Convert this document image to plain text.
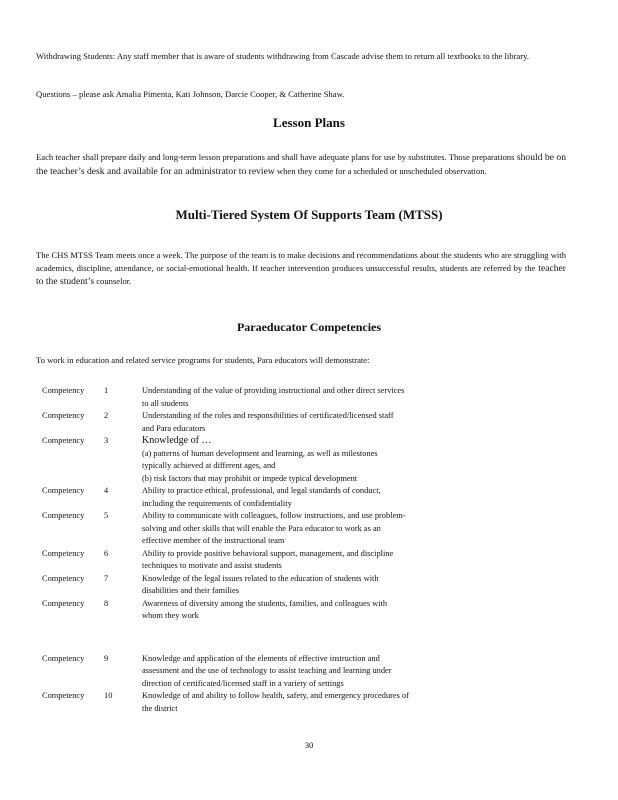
Withdrawing Students: Any staff member that is aware of students withdrawing from Cascade advise them to return all textbooks to the library.

Questions – please ask Amalia Pimenta, Kati Johnson, Darcie Cooper, & Catherine Shaw.

Lesson Plans

Each teacher shall prepare daily and long-term lesson preparations and shall have adequate plans for use by substitutes. Those preparations should be on the teacher’s desk and available for an administrator to review when they come for a scheduled or unscheduled observation.

Multi-Tiered System Of Supports Team (MTSS)

The CHS MTSS Team meets once a week. The purpose of the team is to make decisions and recommendations about the students who are struggling with academics, discipline, attendance, or social-emotional health. If teacher intervention produces unsuccessful results, students are referred by the teacher to the student’s counselor.

Paraeducator Competencies

To work in education and related service programs for students, Para educators will demonstrate:

Competency	1	Understanding of the value of providing instructional and other direct services
to all students

Competency	2	Understanding of the roles and responsibilities of certificated/licensed staff
and Para educators

Competency	3	Knowledge of …
(a) patterns of human development and learning, as well as milestones
typically achieved at different ages, and
(b) risk factors that may prohibit or impede typical development

Competency	4	Ability to practice ethical, professional, and legal standards of conduct,
including the requirements of confidentiality

Competency	5	Ability to communicate with colleagues, follow instructions, and use problem-
solving and other skills that will enable the Para educator to work as an
effective member of the instructional team

Competency	6	Ability to provide positive behavioral support, management, and discipline
techniques to motivate and assist students

Competency	7	Knowledge of the legal issues related to the education of students with
disabilities and their families

Competency	8	Awareness of diversity among the students, families, and colleagues with
whom they work

Competency	9	Knowledge and application of the elements of effective instruction and
assessment and the use of technology to assist teaching and learning under
direction of certificated/licensed staff in a variety of settings

Competency	10	Knowledge of and ability to follow health, safety, and emergency procedures of
the district
30
